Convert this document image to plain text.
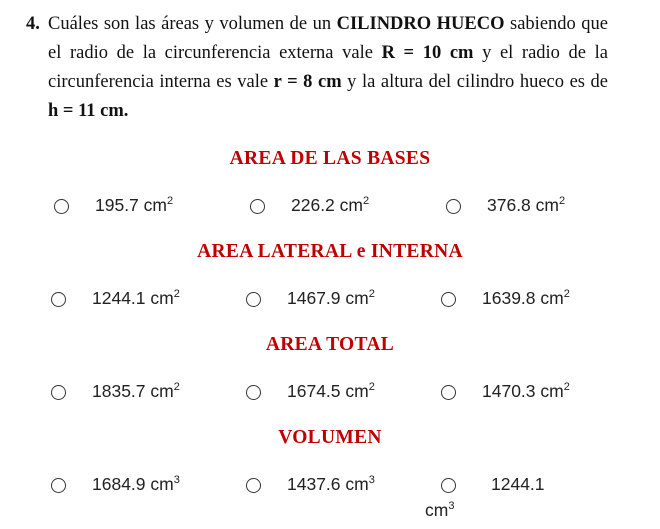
4. Cuáles son las áreas y volumen de un CILINDRO HUECO sabiendo que el radio de la circunferencia externa vale R = 10 cm y el radio de la circunferencia interna es vale r = 8 cm y la altura del cilindro hueco es de h = 11 cm.
AREA DE LAS BASES
195.7 $cm^2$	226.2 $cm^2$	376.8 $cm^2$
AREA LATERAL e INTERNA
1244.1 $cm^2$	1467.9 $cm^2$	1639.8 $cm^2$
AREA TOTAL
1835.7 $cm^2$	1674.5 $cm^2$	1470.3 $cm^2$
VOLUMEN
1684.9 $cm^3$	1437.6 $cm^3$	1244.1
$cm^3$
